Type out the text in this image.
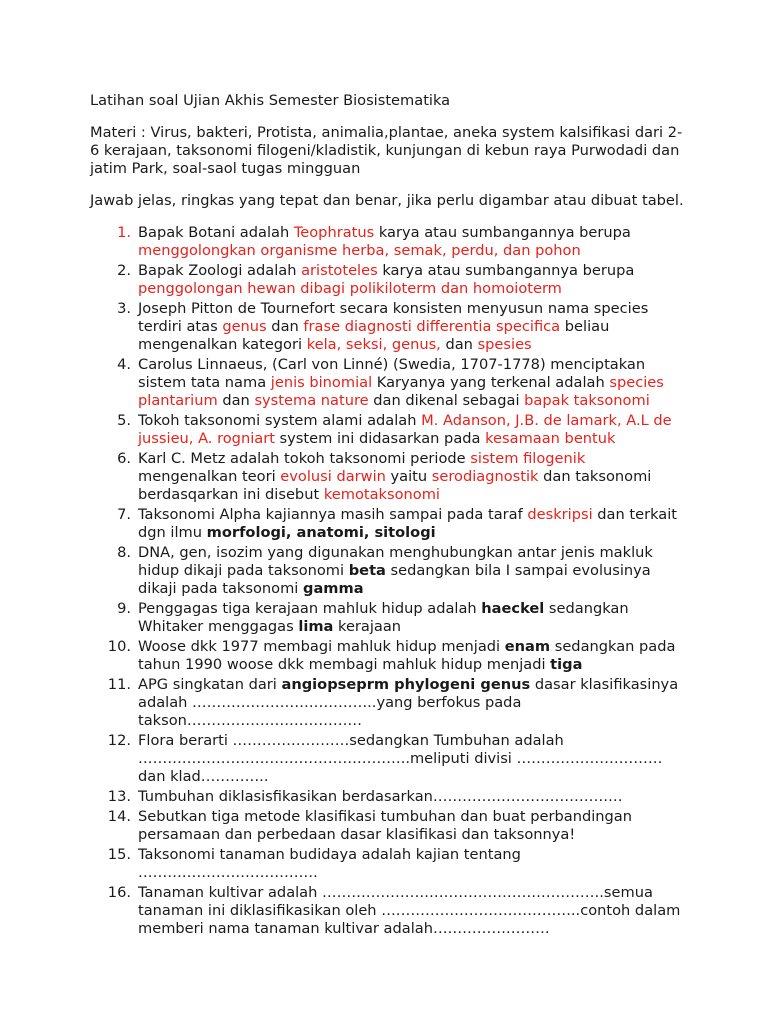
Latihan soal Ujian Akhis Semester Biosistematika
Materi : Virus, bakteri, Protista, animalia,plantae, aneka system kalsifikasi dari 2-6 kerajaan, taksonomi filogeni/kladistik, kunjungan di kebun raya Purwodadi dan jatim Park, soal-saol tugas mingguan
Jawab jelas, ringkas yang tepat dan benar, jika perlu digambar atau dibuat tabel.
1. Bapak Botani adalah Teophratus karya atau sumbangannya berupa menggolongkan organisme herba, semak, perdu, dan pohon
2. Bapak Zoologi adalah aristoteles karya atau sumbangannya berupa penggolongan hewan dibagi polikiloterm dan homoioterm
3. Joseph Pitton de Tournefort secara konsisten menyusun nama species terdiri atas genus dan frase diagnosti differentia specifica beliau mengenalkan kategori kela, seksi, genus, dan spesies
4. Carolus Linnaeus, (Carl von Linné) (Swedia, 1707-1778) menciptakan sistem tata nama jenis binomial Karyanya yang terkenal adalah species plantarium dan systema nature dan dikenal sebagai bapak taksonomi
5. Tokoh taksonomi system alami adalah M. Adanson, J.B. de lamark, A.L de jussieu, A. rogniart system ini didasarkan pada kesamaan bentuk
6. Karl C. Metz adalah tokoh taksonomi periode sistem filogenik mengenalkan teori evolusi darwin yaitu serodiagnostik dan taksonomi berdasqarkan ini disebut kemotaksonomi
7. Taksonomi Alpha kajiannya masih sampai pada taraf deskripsi dan terkait dgn ilmu morfologi, anatomi, sitologi
8. DNA, gen, isozim yang digunakan menghubungkan antar jenis makluk hidup dikaji pada taksonomi beta sedangkan bila I sampai evolusinya dikaji pada taksonomi gamma
9. Penggagas tiga kerajaan mahluk hidup adalah haeckel sedangkan Whitaker menggagas lima kerajaan
10. Woose dkk 1977 membagi mahluk hidup menjadi enam sedangkan pada tahun 1990 woose dkk membagi mahluk hidup menjadi tiga
11. APG singkatan dari angiopseprm phylogeni genus dasar klasifikasinya adalah ………………………………..yang berfokus pada takson………………………………
12. Flora berarti ……………………sedangkan Tumbuhan adalah ………………………………………………..meliputi divisi …………………………dan klad…………..
13. Tumbuhan diklasisfikasikan berdasarkan…………………………………
14. Sebutkan tiga metode klasifikasi tumbuhan dan buat perbandingan persamaan dan perbedaan dasar klasifikasi dan taksonnya!
15. Taksonomi tanaman budidaya adalah kajian tentang ……………………………….
16. Tanaman kultivar adalah ………………………………………………….semua tanaman ini diklasifikasikan oleh …………………………………..contoh dalam memberi nama tanaman kultivar adalah……………………
